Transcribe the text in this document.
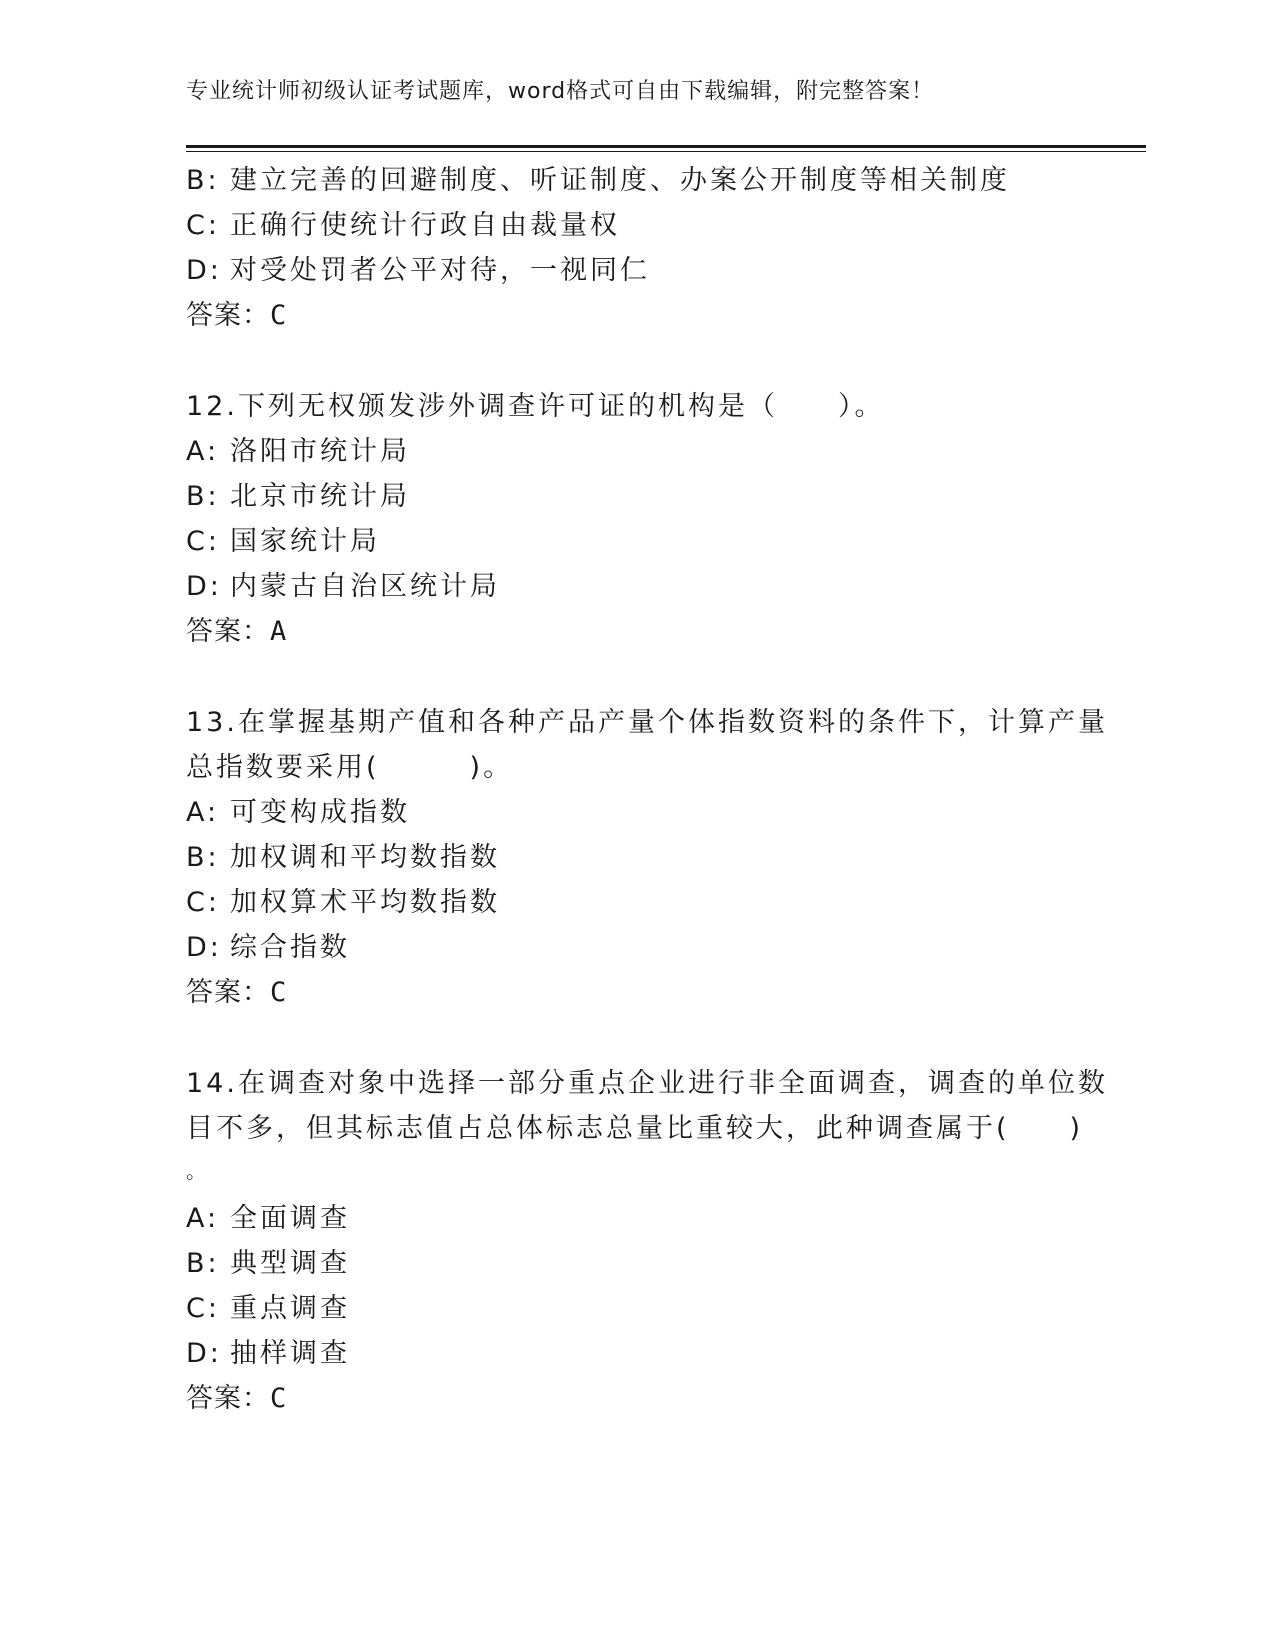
专业统计师初级认证考试题库，word格式可自由下载编辑，附完整答案！
B: 建立完善的回避制度、听证制度、办案公开制度等相关制度
C: 正确行使统计行政自由裁量权
D: 对受处罚者公平对待，一视同仁
答案：C
12.下列无权颁发涉外调查许可证的机构是（　　）。
A: 洛阳市统计局
B: 北京市统计局
C: 国家统计局
D: 内蒙古自治区统计局
答案：A
13.在掌握基期产值和各种产品产量个体指数资料的条件下，计算产量
总指数要采用(　　　)。
A: 可变构成指数
B: 加权调和平均数指数
C: 加权算术平均数指数
D: 综合指数
答案：C
14.在调查对象中选择一部分重点企业进行非全面调查，调查的单位数
目不多，但其标志值占总体标志总量比重较大，此种调查属于(　　)
。
A: 全面调查
B: 典型调查
C: 重点调查
D: 抽样调查
答案：C
